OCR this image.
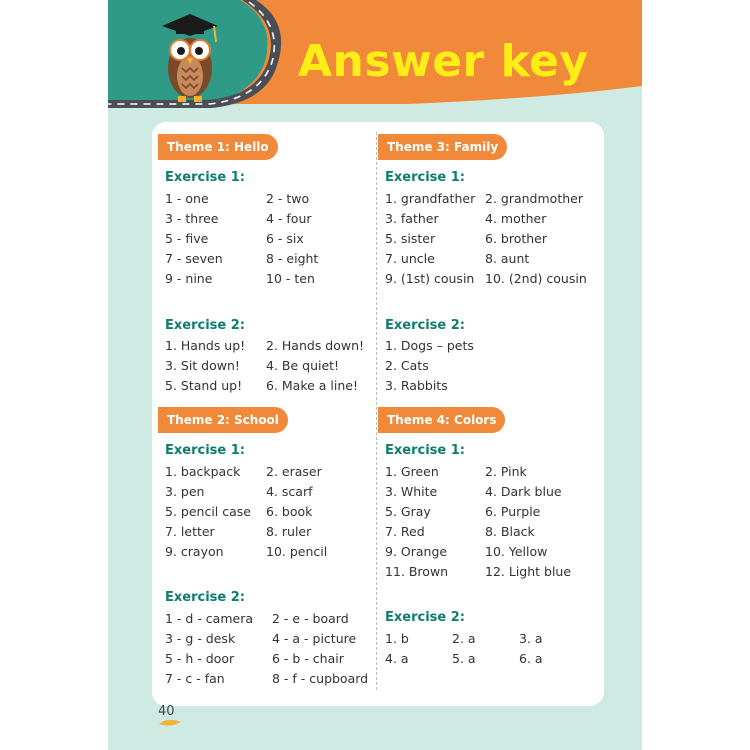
Answer key
Theme 1: Hello
Exercise 1:
1 - one	2 - two
3 - three	4 - four
5 - five	6 - six
7 - seven	8 - eight
9 - nine	10 - ten
Exercise 2:
1. Hands up! 2. Hands down!
3. Sit down! 4. Be quiet!
5. Stand up! 6. Make a line!
Theme 2: School
Exercise 1:
1. backpack 2. eraser
3. pen	4. scarf
5. pencil case 6. book
7. letter	8. ruler
9. crayon	10. pencil
Exercise 2:
1 - d - camera 2 - e - board
3 - g - desk	4 - a - picture
5 - h - door	6 - b - chair
7 - c - fan	8 - f - cupboard
Theme 3: Family
Exercise 1:
1. grandfather 2. grandmother
3. father	4. mother
5. sister	6. brother
7. uncle	8. aunt
9. (1st) cousin 10. (2nd) cousin
Exercise 2:
1. Dogs – pets
2. Cats
3. Rabbits
Theme 4: Colors
Exercise 1:
1. Green	2. Pink
3. White	4. Dark blue
5. Gray	6. Purple
7. Red	8. Black
9. Orange	10. Yellow
11. Brown	12. Light blue
Exercise 2:
1. b	2. a	3. a
4. a	5. a	6. a
40
